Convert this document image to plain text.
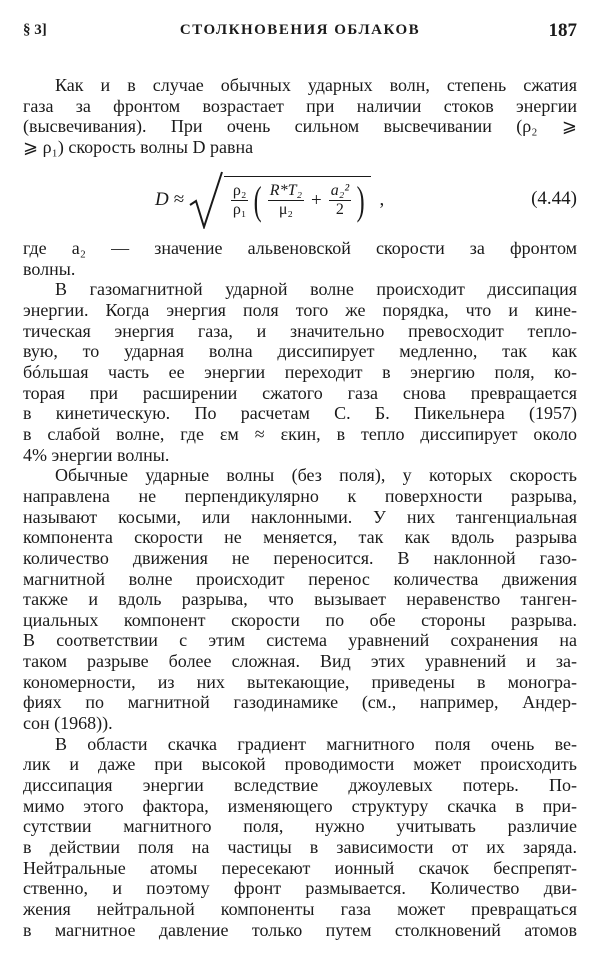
§ 3]	СТОЛКНОВЕНИЯ ОБЛАКОВ	187
Как и в случае обычных ударных волн, степень сжатия
газа за фронтом возрастает при наличии стоков энергии
(высвечивания). При очень сильном высвечивании (ρ₂ ⩾
⩾ ρ₁) скорость волны D равна
D ≈	$\frac{\text{ρ₂}}{\text{ρ₁}}$ ( $\frac{\text{R*T₂}}{\text{μ₂}} + \frac{\text{a₂²}}{2}$ ) ,	(4.44)
где a₂ — значение альвеновской скорости за фронтом
волны.
В газомагнитной ударной волне происходит диссипация
энергии. Когда энергия поля того же порядка, что и кине-
тическая энергия газа, и значительно превосходит тепло-
вую, то ударная волна диссипирует медленно, так как
бóльшая часть ее энергии переходит в энергию поля, ко-
торая при расширении сжатого газа снова превращается
в кинетическую. По расчетам С. Б. Пикельнера (1957)
в слабой волне, где εм ≈ εкин, в тепло диссипирует около
4% энергии волны.
Обычные ударные волны (без поля), у которых скорость
направлена не перпендикулярно к поверхности разрыва,
называют косыми, или наклонными. У них тангенциальная
компонента скорости не меняется, так как вдоль разрыва
количество движения не переносится. В наклонной газо-
магнитной волне происходит перенос количества движения
также и вдоль разрыва, что вызывает неравенство танген-
циальных компонент скорости по обе стороны разрыва.
В соответствии с этим система уравнений сохранения на
таком разрыве более сложная. Вид этих уравнений и за-
кономерности, из них вытекающие, приведены в моногра-
фиях по магнитной газодинамике (см., например, Андер-
сон (1968)).
В области скачка градиент магнитного поля очень ве-
лик и даже при высокой проводимости может происходить
диссипация энергии вследствие джоулевых потерь. По-
мимо этого фактора, изменяющего структуру скачка в при-
сутствии магнитного поля, нужно учитывать различие
в действии поля на частицы в зависимости от их заряда.
Нейтральные атомы пересекают ионный скачок беспрепят-
ственно, и поэтому фронт размывается. Количество дви-
жения нейтральной компоненты газа может превращаться
в магнитное давление только путем столкновений атомов
